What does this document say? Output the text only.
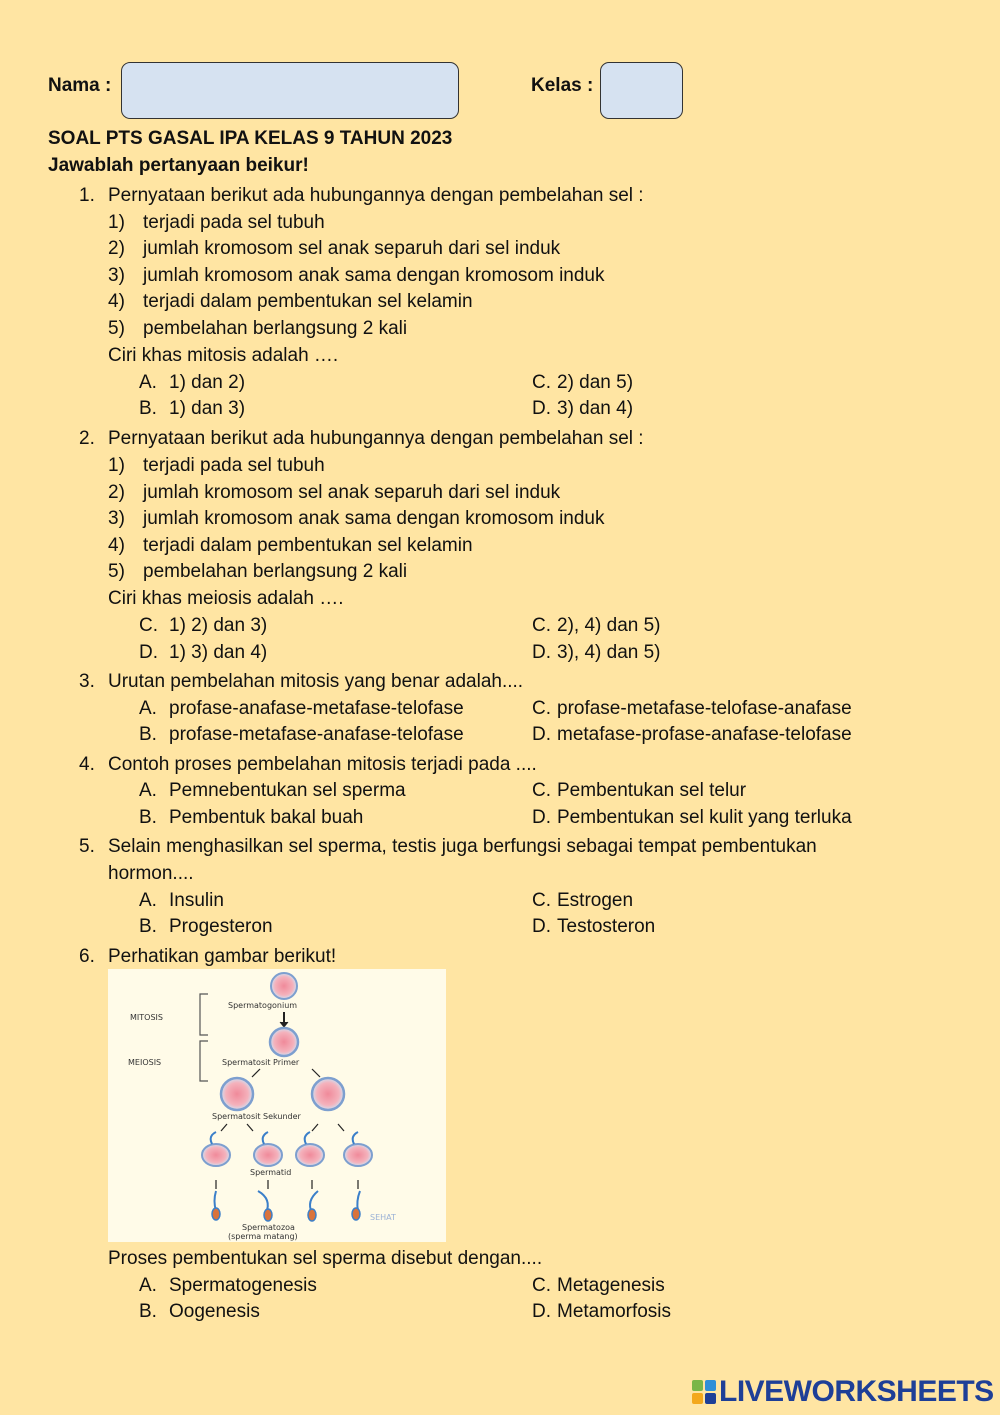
Nama :	Kelas :
SOAL PTS GASAL IPA KELAS 9 TAHUN 2023
Jawablah pertanyaan beikur!
1. Pernyataan berikut ada hubungannya dengan pembelahan sel :
1) terjadi pada sel tubuh
2) jumlah kromosom sel anak separuh dari sel induk
3) jumlah kromosom anak sama dengan kromosom induk
4) terjadi dalam pembentukan sel kelamin
5) pembelahan berlangsung 2 kali
Ciri khas mitosis adalah ….
A. 1) dan 2)	C. 2) dan 5)
B. 1) dan 3)	D. 3) dan 4)
2. Pernyataan berikut ada hubungannya dengan pembelahan sel :
1) terjadi pada sel tubuh
2) jumlah kromosom sel anak separuh dari sel induk
3) jumlah kromosom anak sama dengan kromosom induk
4) terjadi dalam pembentukan sel kelamin
5) pembelahan berlangsung 2 kali
Ciri khas meiosis adalah ….
C. 1) 2) dan 3)	C. 2), 4) dan 5)
D. 1) 3) dan 4)	D. 3), 4) dan 5)
3. Urutan pembelahan mitosis yang benar adalah....
A. profase-anafase-metafase-telofase	C. profase-metafase-telofase-anafase
B. profase-metafase-anafase-telofase	D. metafase-profase-anafase-telofase
4. Contoh proses pembelahan mitosis terjadi pada ....
A. Pemnebentukan sel sperma	C. Pembentukan sel telur
B. Pembentuk bakal buah	D. Pembentukan sel kulit yang terluka
5. Selain menghasilkan sel sperma, testis juga berfungsi sebagai tempat pembentukan
hormon....
A. Insulin	C. Estrogen
B. Progesteron	D. Testosteron
6. Perhatikan gambar berikut!
MITOSIS
MEIOSIS
Spermatogonium
Spermatosit Primer
Spermatosit Sekunder
Spermatid
SEHAT
Spermatozoa
(sperma matang)
Proses pembentukan sel sperma disebut dengan....
A. Spermatogenesis	C. Metagenesis
B. Oogenesis	D. Metamorfosis
LIVEWORKSHEETS
